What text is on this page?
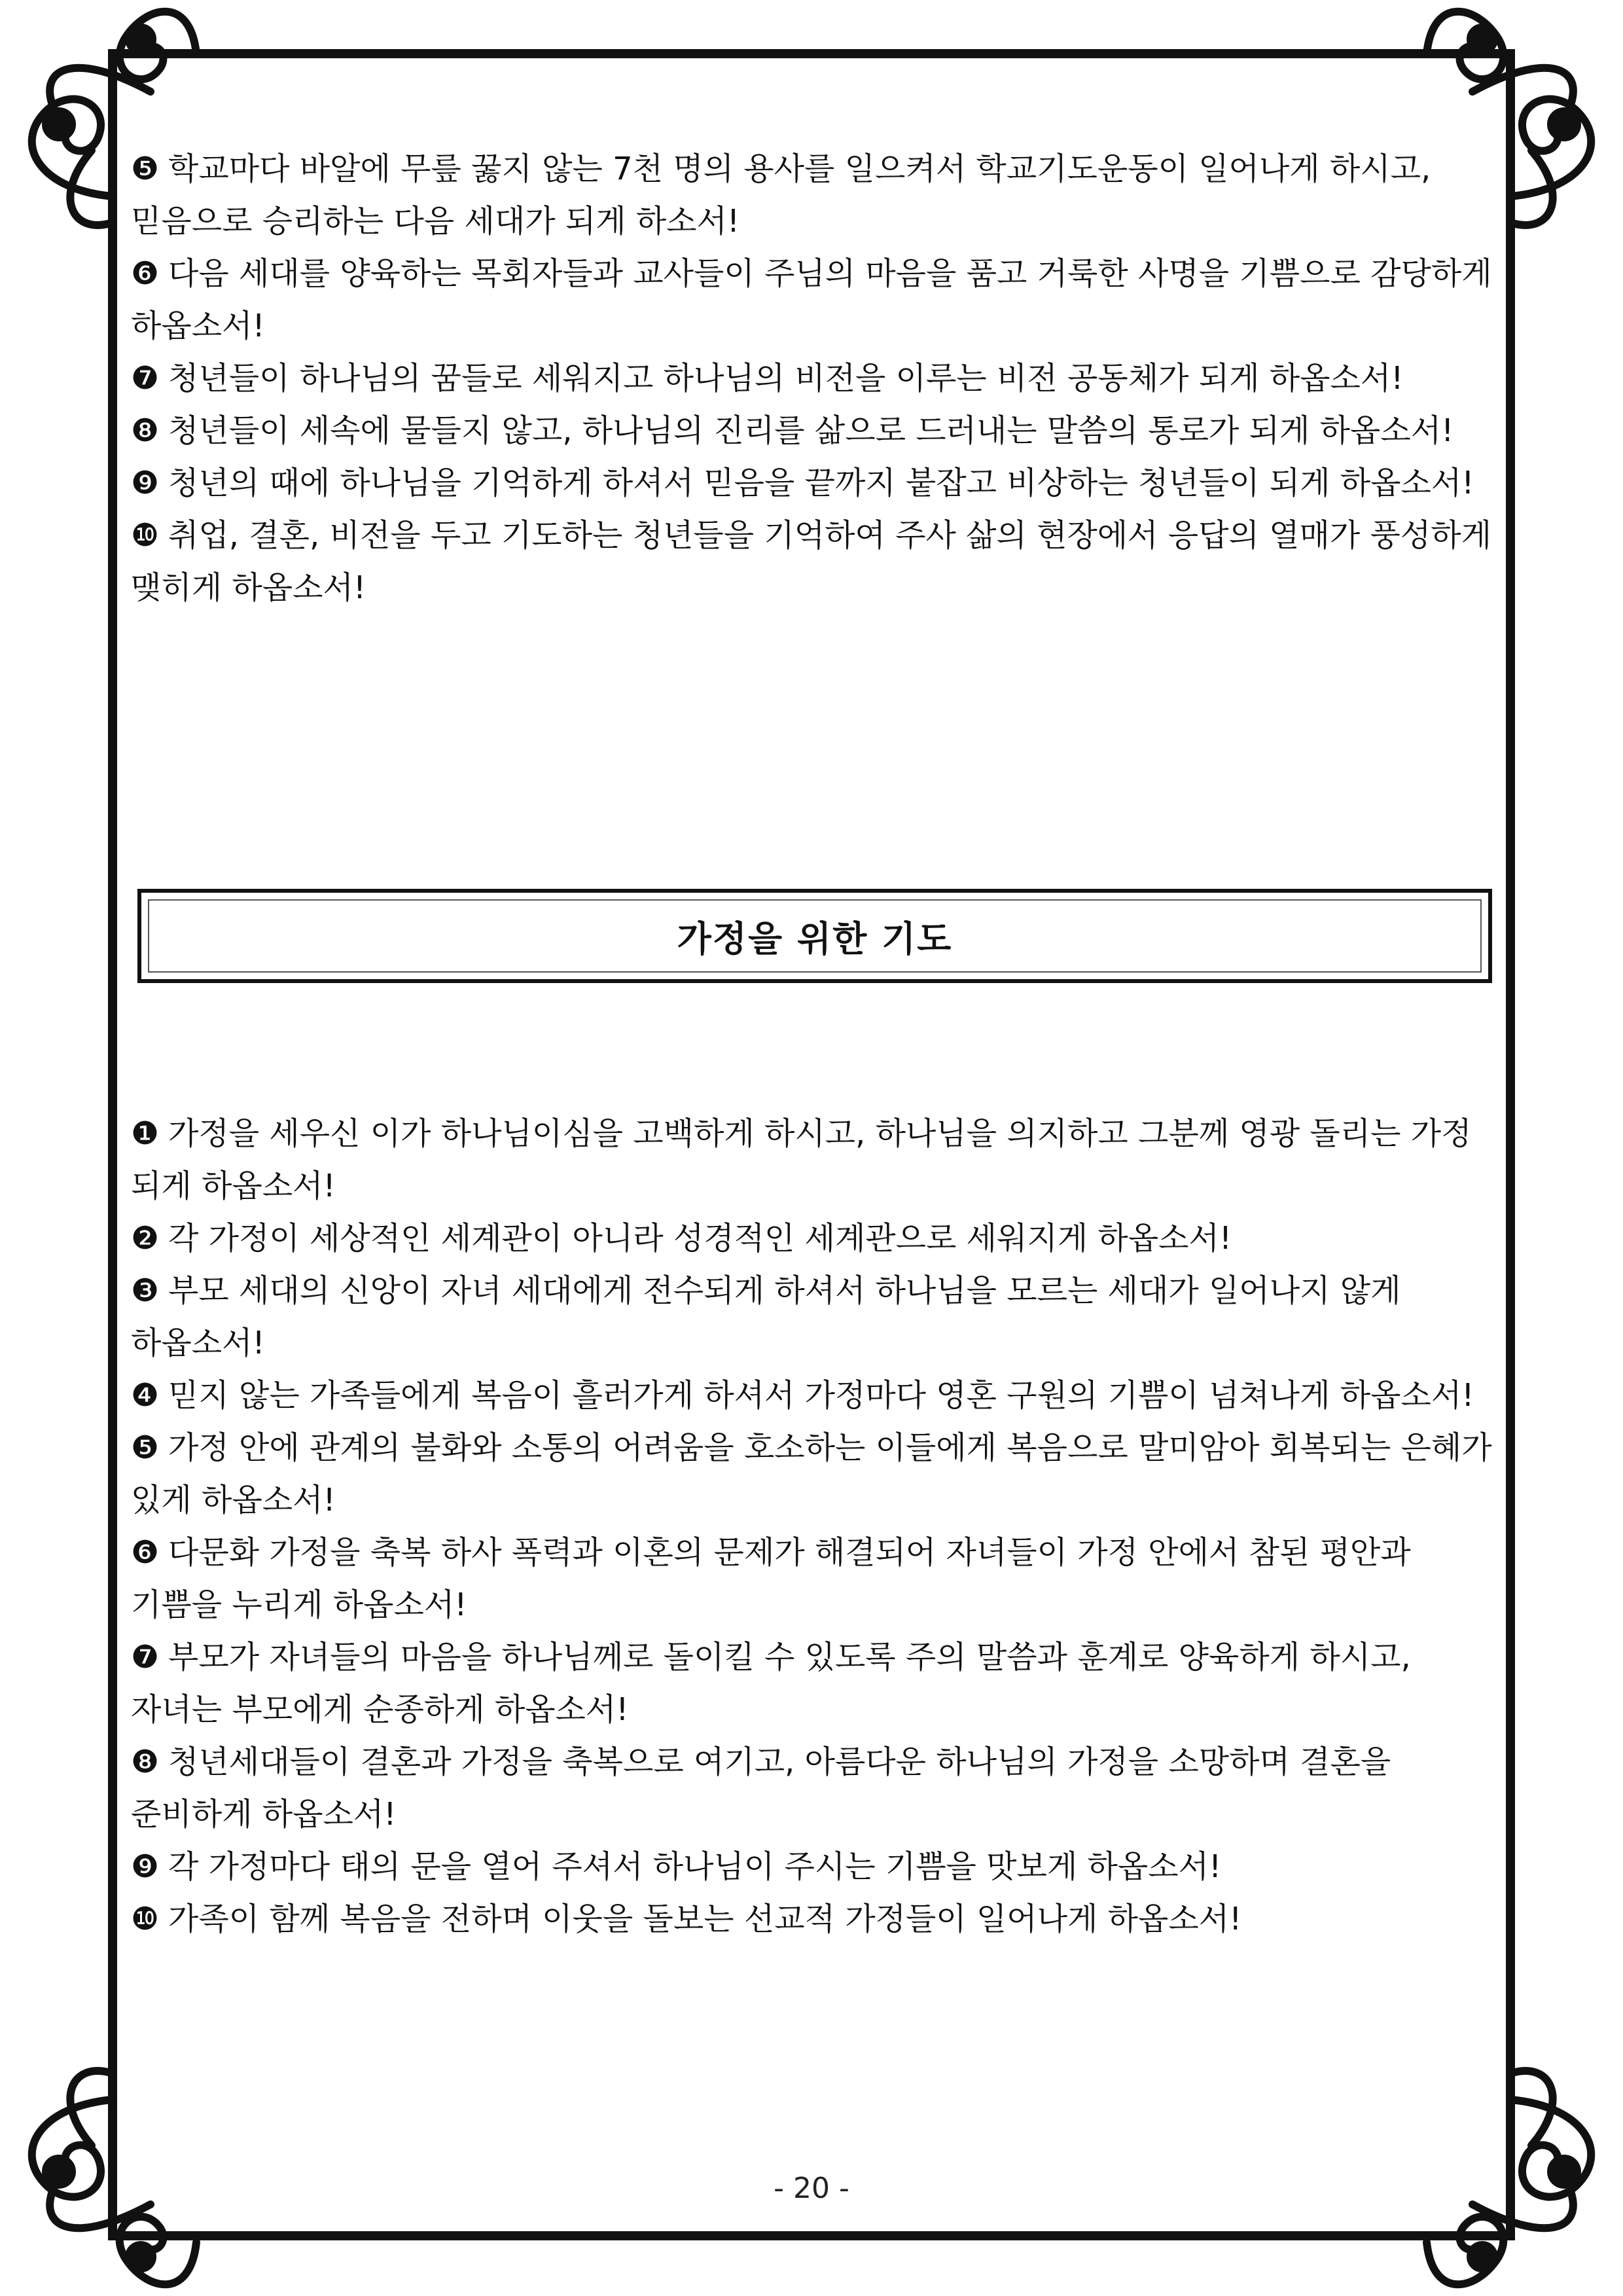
❺ 학교마다 바알에 무릎 꿇지 않는 7천 명의 용사를 일으켜서 학교기도운동이 일어나게 하시고, 믿음으로 승리하는 다음 세대가 되게 하소서!
❻ 다음 세대를 양육하는 목회자들과 교사들이 주님의 마음을 품고 거룩한 사명을 기쁨으로 감당하게 하옵소서!
❼ 청년들이 하나님의 꿈들로 세워지고 하나님의 비전을 이루는 비전 공동체가 되게 하옵소서!
❽ 청년들이 세속에 물들지 않고, 하나님의 진리를 삶으로 드러내는 말씀의 통로가 되게 하옵소서!
❾ 청년의 때에 하나님을 기억하게 하셔서 믿음을 끝까지 붙잡고 비상하는 청년들이 되게 하옵소서!
❿ 취업, 결혼, 비전을 두고 기도하는 청년들을 기억하여 주사 삶의 현장에서 응답의 열매가 풍성하게 맺히게 하옵소서!
가정을 위한 기도
❶ 가정을 세우신 이가 하나님이심을 고백하게 하시고, 하나님을 의지하고 그분께 영광 돌리는 가정 되게 하옵소서!
❷ 각 가정이 세상적인 세계관이 아니라 성경적인 세계관으로 세워지게 하옵소서!
❸ 부모 세대의 신앙이 자녀 세대에게 전수되게 하셔서 하나님을 모르는 세대가 일어나지 않게 하옵소서!
❹ 믿지 않는 가족들에게 복음이 흘러가게 하셔서 가정마다 영혼 구원의 기쁨이 넘쳐나게 하옵소서!
❺ 가정 안에 관계의 불화와 소통의 어려움을 호소하는 이들에게 복음으로 말미암아 회복되는 은혜가 있게 하옵소서!
❻ 다문화 가정을 축복 하사 폭력과 이혼의 문제가 해결되어 자녀들이 가정 안에서 참된 평안과 기쁨을 누리게 하옵소서!
❼ 부모가 자녀들의 마음을 하나님께로 돌이킬 수 있도록 주의 말씀과 훈계로 양육하게 하시고, 자녀는 부모에게 순종하게 하옵소서!
❽ 청년세대들이 결혼과 가정을 축복으로 여기고, 아름다운 하나님의 가정을 소망하며 결혼을 준비하게 하옵소서!
❾ 각 가정마다 태의 문을 열어 주셔서 하나님이 주시는 기쁨을 맛보게 하옵소서!
❿ 가족이 함께 복음을 전하며 이웃을 돌보는 선교적 가정들이 일어나게 하옵소서!
- 20 -
